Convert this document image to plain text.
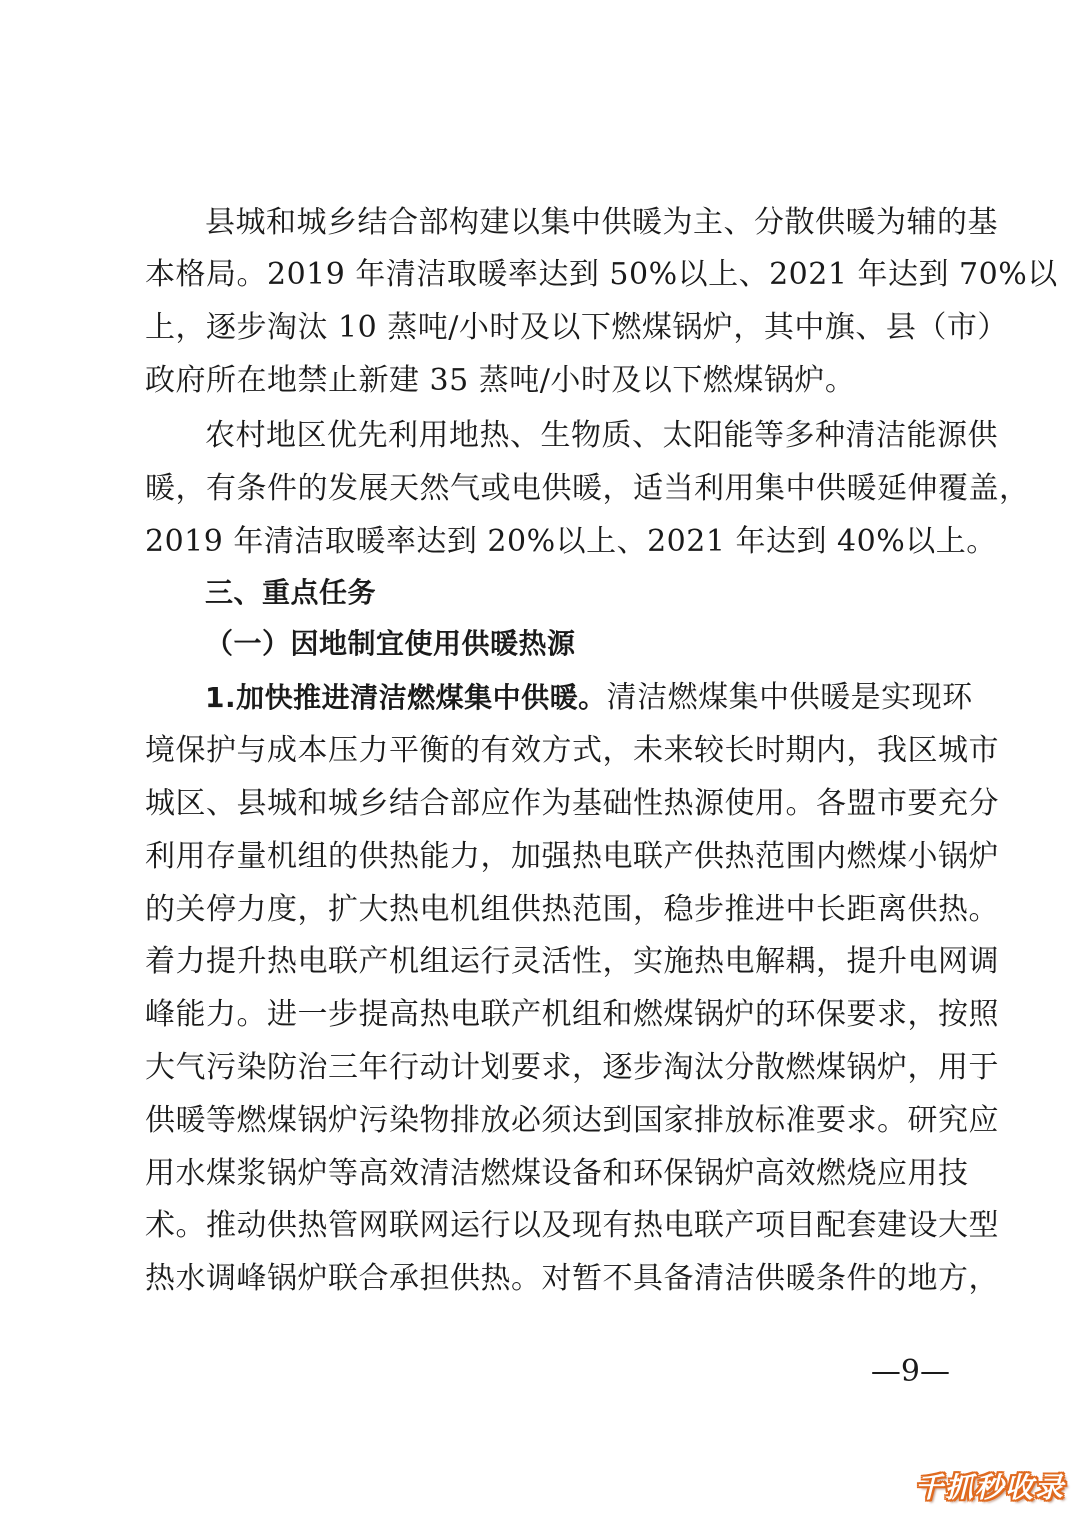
县城和城乡结合部构建以集中供暖为主、分散供暖为辅的基
本格局。2019 年清洁取暖率达到 50%以上、2021 年达到 70%以
上，逐步淘汰 10 蒸吨/小时及以下燃煤锅炉，其中旗、县（市）
政府所在地禁止新建 35 蒸吨/小时及以下燃煤锅炉。
农村地区优先利用地热、生物质、太阳能等多种清洁能源供
暖，有条件的发展天然气或电供暖，适当利用集中供暖延伸覆盖，
2019 年清洁取暖率达到 20%以上、2021 年达到 40%以上。
三、重点任务
（一）因地制宜使用供暖热源
1.加快推进清洁燃煤集中供暖。清洁燃煤集中供暖是实现环
境保护与成本压力平衡的有效方式，未来较长时期内，我区城市
城区、县城和城乡结合部应作为基础性热源使用。各盟市要充分
利用存量机组的供热能力，加强热电联产供热范围内燃煤小锅炉
的关停力度，扩大热电机组供热范围，稳步推进中长距离供热。
着力提升热电联产机组运行灵活性，实施热电解耦，提升电网调
峰能力。进一步提高热电联产机组和燃煤锅炉的环保要求，按照
大气污染防治三年行动计划要求，逐步淘汰分散燃煤锅炉，用于
供暖等燃煤锅炉污染物排放必须达到国家排放标准要求。研究应
用水煤浆锅炉等高效清洁燃煤设备和环保锅炉高效燃烧应用技
术。推动供热管网联网运行以及现有热电联产项目配套建设大型
热水调峰锅炉联合承担供热。对暂不具备清洁供暖条件的地方，
—9—
千抓秒收录
